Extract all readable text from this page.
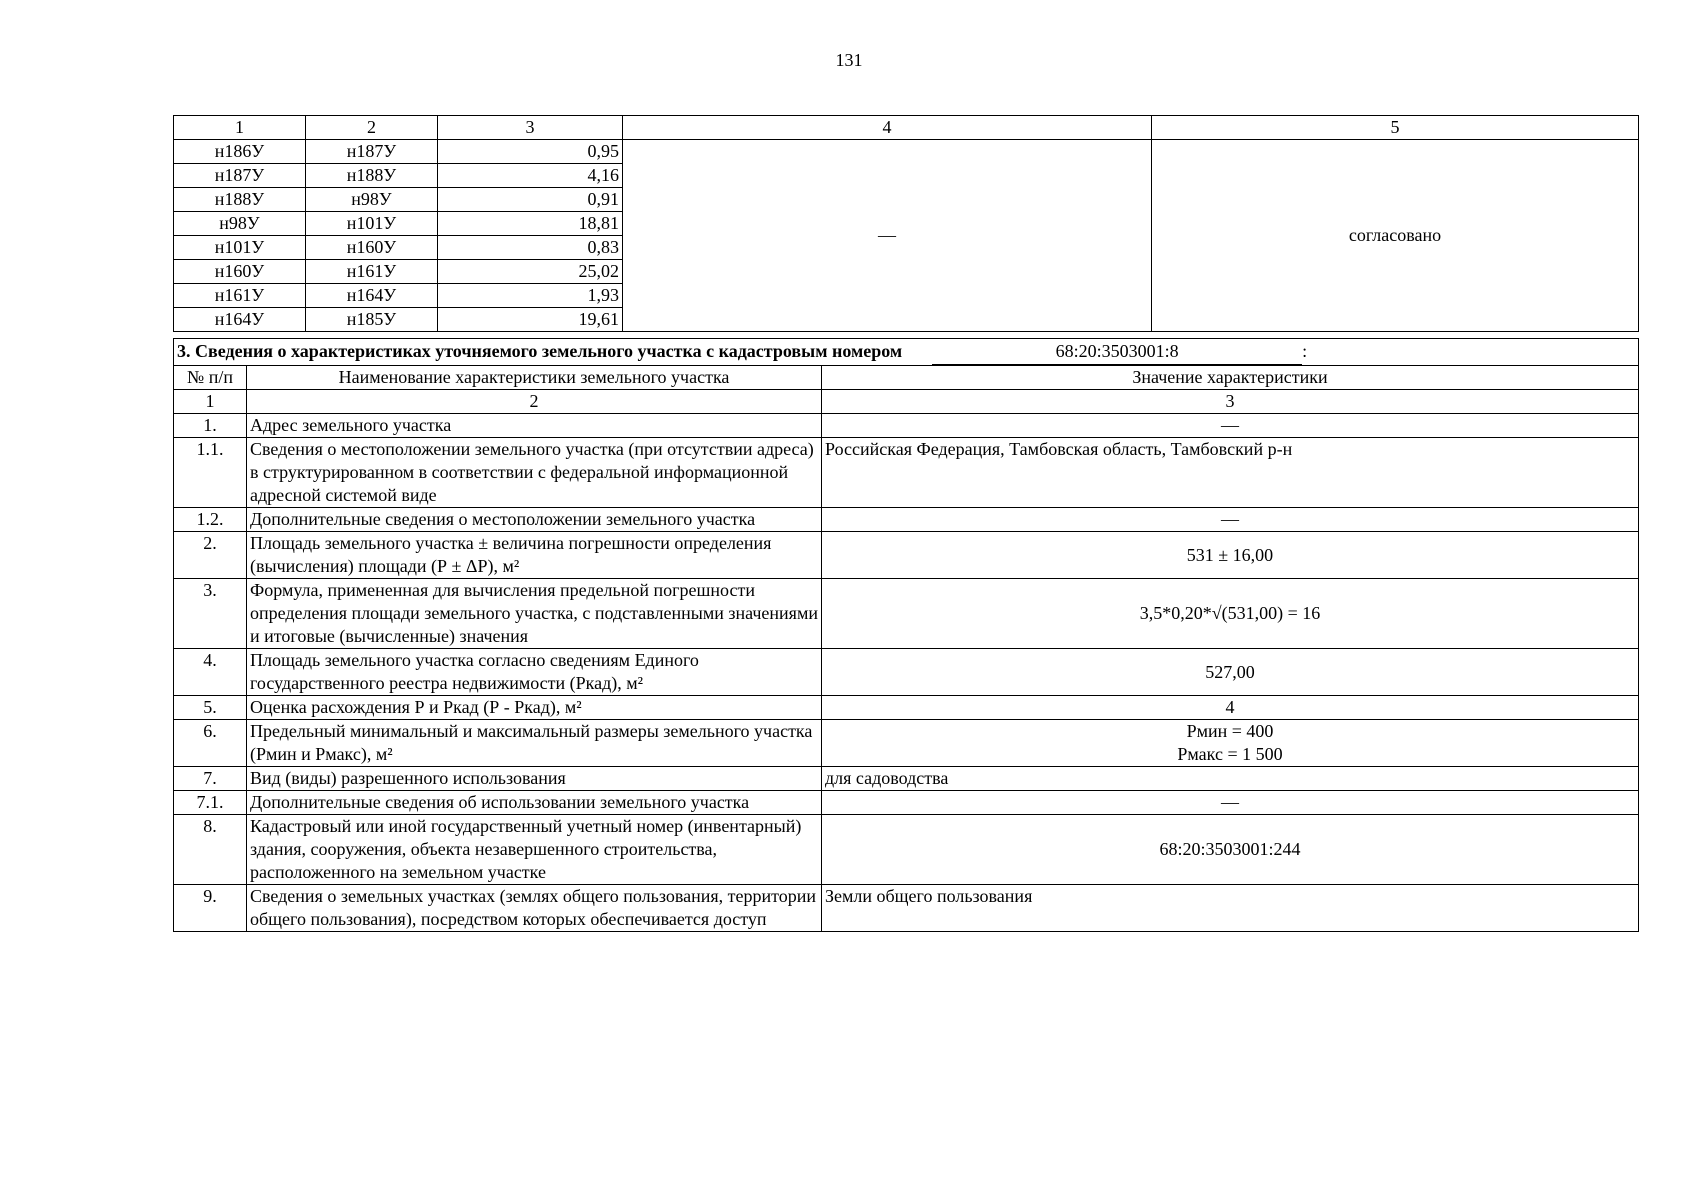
131
1	2	3	4	5
н186У	н187У	0,95	—	согласовано
н187У	н188У	4,16		
н188У	н98У	0,91		
н98У	н101У	18,81		
н101У	н160У	0,83		
н160У	н161У	25,02		
н161У	н164У	1,93		
н164У	н185У	19,61		
3. Сведения о характеристиках уточняемого земельного участка с кадастровым номером 68:20:3503001:8 :		
№ п/п	Наименование характеристики земельного участка	Значение характеристики
1	2	3
1.	Адрес земельного участка	—
1.1.	Сведения о местоположении земельного участка (при отсутствии адреса) в структурированном в соответствии с федеральной информационной адресной системой виде	Российская Федерация, Тамбовская область, Тамбовский р-н
1.2.	Дополнительные сведения о местоположении земельного участка	—
2.	Площадь земельного участка ± величина погрешности определения (вычисления) площади (Р ± ΔР), м²	531 ± 16,00
3.	Формула, примененная для вычисления предельной погрешности определения площади земельного участка, с подставленными значениями и итоговые (вычисленные) значения	3,5*0,20*√(531,00) = 16
4.	Площадь земельного участка согласно сведениям Единого государственного реестра недвижимости (Ркад), м²	527,00
5.	Оценка расхождения Р и Ркад (Р - Ркад), м²	4
6.	Предельный минимальный и максимальный размеры земельного участка (Рмин и Рмакс), м²	Рмин = 400
Рмакс = 1 500

7.	Вид (виды) разрешенного использования	для садоводства
7.1.	Дополнительные сведения об использовании земельного участка	—
8.	Кадастровый или иной государственный учетный номер (инвентарный) здания, сооружения, объекта незавершенного строительства, расположенного на земельном участке	68:20:3503001:244
9.	Сведения о земельных участках (землях общего пользования, территории общего пользования), посредством которых обеспечивается доступ	Земли общего пользования
